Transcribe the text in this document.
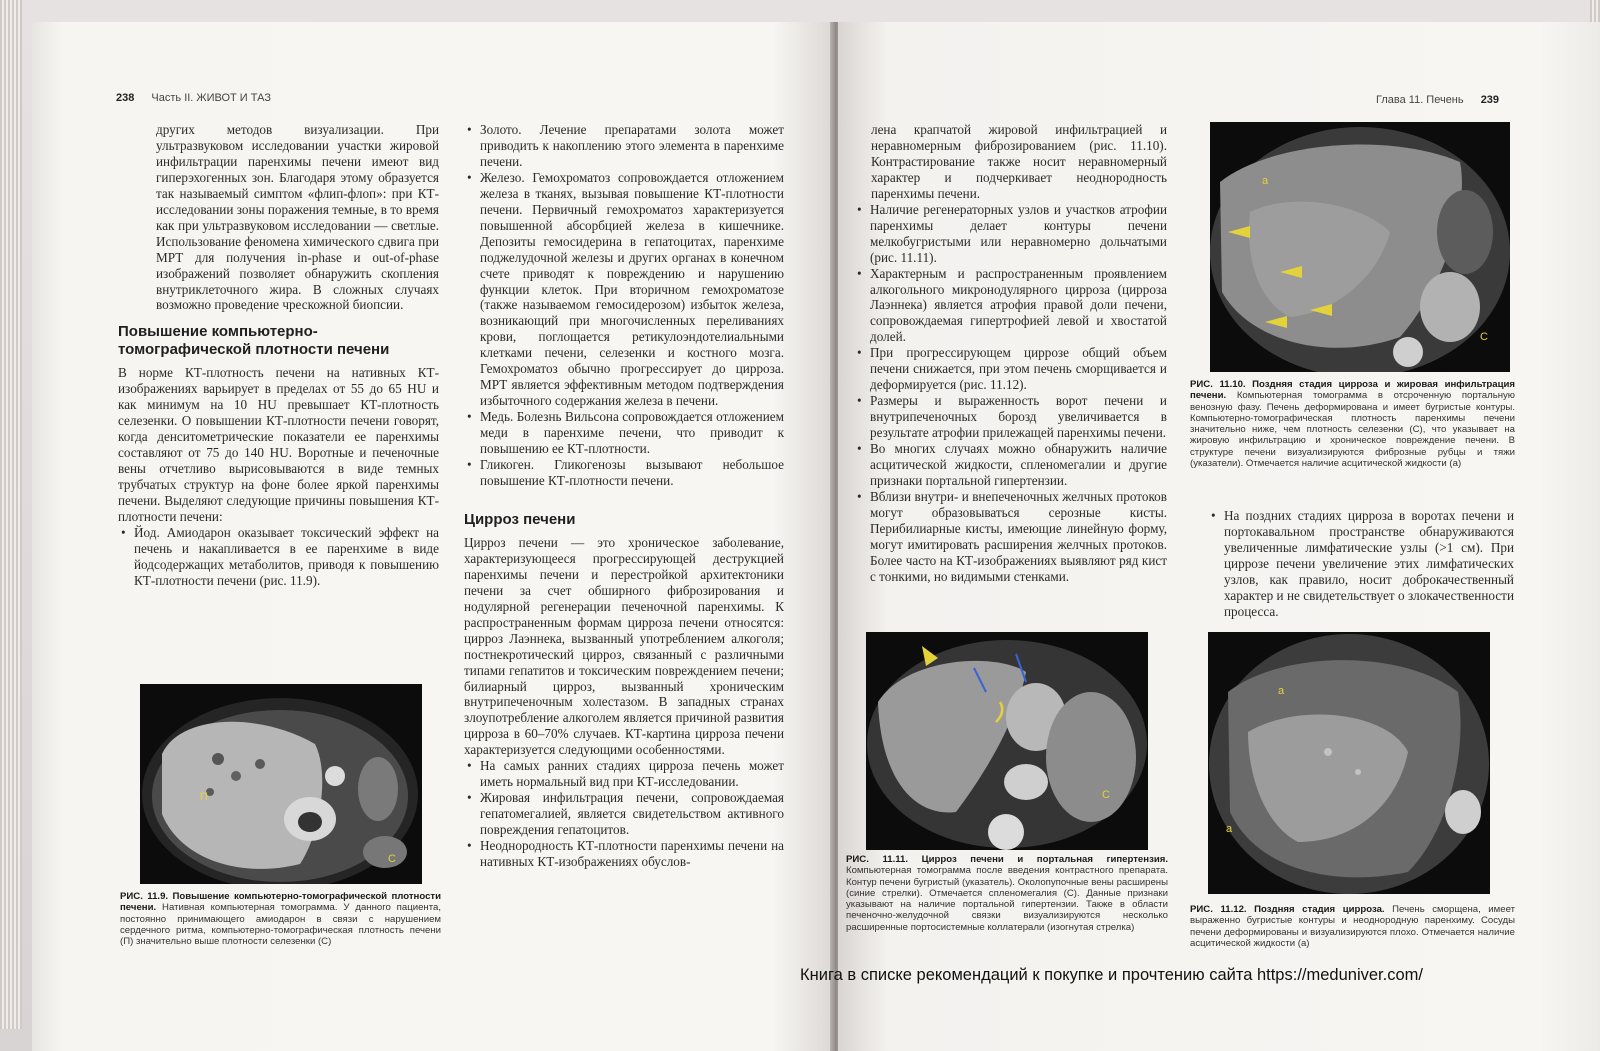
238 Часть II. ЖИВОТ И ТАЗ

других методов визуализации. При ультразвуковом исследовании участки жировой инфильтрации паренхимы печени имеют вид гиперэхогенных зон. Благодаря этому образуется так называемый симптом «флип-флоп»: при КТ-исследовании зоны поражения темные, в то время как при ультразвуковом исследовании — светлые. Использование феномена химического сдвига при МРТ для получения in-phase и out-of-phase изображений позволяет обнаружить скопления внутриклеточного жира. В сложных случаях возможно проведение чрескожной биопсии.

Повышение компьютерно-томографической плотности печени

В норме КТ-плотность печени на нативных КТ-изображениях варьирует в пределах от 55 до 65 HU и как минимум на 10 HU превышает КТ-плотность селезенки. О повышении КТ-плотности печени говорят, когда денситометрические показатели ее паренхимы составляют от 75 до 140 HU. Воротные и печеночные вены отчетливо вырисовываются в виде темных трубчатых структур на фоне более яркой паренхимы печени. Выделяют следующие причины повышения КТ-плотности печени:

• Йод. Амиодарон оказывает токсический эффект на печень и накапливается в ее паренхиме в виде йодсодержащих метаболитов, приводя к повышению КТ-плотности печени (рис. 11.9).
П
С
РИС. 11.9. Повышение компьютерно-томографической плотности печени. Нативная компьютерная томограмма. У данного пациента, постоянно принимающего амиодарон в связи с нарушением сердечного ритма, компьютерно-томографическая плотность печени (П) значительно выше плотности селезенки (С)
• Золото. Лечение препаратами золота может приводить к накоплению этого элемента в паренхиме печени.
• Железо. Гемохроматоз сопровождается отложением железа в тканях, вызывая повышение КТ-плотности печени. Первичный гемохроматоз характеризуется повышенной абсорбцией железа в кишечнике. Депозиты гемосидерина в гепатоцитах, паренхиме поджелудочной железы и других органах в конечном счете приводят к повреждению и нарушению функции клеток. При вторичном гемохроматозе (также называемом гемосидерозом) избыток железа, возникающий при многочисленных переливаниях крови, поглощается ретикулоэндотелиальными клетками печени, селезенки и костного мозга. Гемохроматоз обычно прогрессирует до цирроза. МРТ является эффективным методом подтверждения избыточного содержания железа в печени.
• Медь. Болезнь Вильсона сопровождается отложением меди в паренхиме печени, что приводит к повышению ее КТ-плотности.
• Гликоген. Гликогенозы вызывают небольшое повышение КТ-плотности печени.
Цирроз печени

Цирроз печени — это хроническое заболевание, характеризующееся прогрессирующей деструкцией паренхимы печени и перестройкой архитектоники печени за счет обширного фиброзирования и нодулярной регенерации печеночной паренхимы. К распространенным формам цирроза печени относятся: цирроз Лаэннека, вызванный употреблением алкоголя; постнекротический цирроз, связанный с различными типами гепатитов и токсическим повреждением печени; билиарный цирроз, вызванный хроническим внутрипеченочным холестазом. В западных странах злоупотребление алкоголем является причиной развития цирроза в 60–70% случаев. КТ-картина цирроза печени характеризуется следующими особенностями.

• На самых ранних стадиях цирроза печень может иметь нормальный вид при КТ-исследовании.
• Жировая инфильтрация печени, сопровождаемая гепатомегалией, является свидетельством активного повреждения гепатоцитов.
• Неоднородность КТ-плотности паренхимы печени на нативных КТ-изображениях обуслов-
Глава 11. Печень 239

лена крапчатой жировой инфильтрацией и неравномерным фиброзированием (рис. 11.10). Контрастирование также носит неравномерный характер и подчеркивает неоднородность паренхимы печени.

• Наличие регенераторных узлов и участков атрофии паренхимы делает контуры печени мелкобугристыми или неравномерно дольчатыми (рис. 11.11).
• Характерным и распространенным проявлением алкогольного микронодулярного цирроза (цирроза Лаэннека) является атрофия правой доли печени, сопровождаемая гипертрофией левой и хвостатой долей.
• При прогрессирующем циррозе общий объем печени снижается, при этом печень сморщивается и деформируется (рис. 11.12).
• Размеры и выраженность ворот печени и внутрипеченочных борозд увеличивается в результате атрофии прилежащей паренхимы печени.
• Во многих случаях можно обнаружить наличие асцитической жидкости, спленомегалии и другие признаки портальной гипертензии.
• Вблизи внутри- и внепеченочных желчных протоков могут образовываться серозные кисты. Перибилиарные кисты, имеющие линейную форму, могут имитировать расширения желчных протоков. Более часто на КТ-изображениях выявляют ряд кист с тонкими, но видимыми стенками.
a
C
РИС. 11.10. Поздняя стадия цирроза и жировая инфильтрация печени. Компьютерная томограмма в отсроченную портальную венозную фазу. Печень деформирована и имеет бугристые контуры. Компьютерно-томографическая плотность паренхимы печени значительно ниже, чем плотность селезенки (С), что указывает на жировую инфильтрацию и хроническое повреждение печени. В структуре печени визуализируются фиброзные рубцы и тяжи (указатели). Отмечается наличие асцитической жидкости (а)
• На поздних стадиях цирроза в воротах печени и портокавальном пространстве обнаруживаются увеличенные лимфатические узлы (>1 см). При циррозе печени увеличение этих лимфатических узлов, как правило, носит доброкачественный характер и не свидетельствует о злокачественности процесса.
C
РИС. 11.11. Цирроз печени и портальная гипертензия. Компьютерная томограмма после введения контрастного препарата. Контур печени бугристый (указатель). Околопупочные вены расширены (синие стрелки). Отмечается спленомегалия (С). Данные признаки указывают на наличие портальной гипертензии. Также в области печеночно-желудочной связки визуализируются несколько расширенные портосистемные коллатерали (изогнутая стрелка)
a
a
РИС. 11.12. Поздняя стадия цирроза. Печень сморщена, имеет выраженно бугристые контуры и неоднородную паренхиму. Сосуды печени деформированы и визуализируются плохо. Отмечается наличие асцитической жидкости (а)
Книга в списке рекомендаций к покупке и прочтению сайта https://meduniver.com/
